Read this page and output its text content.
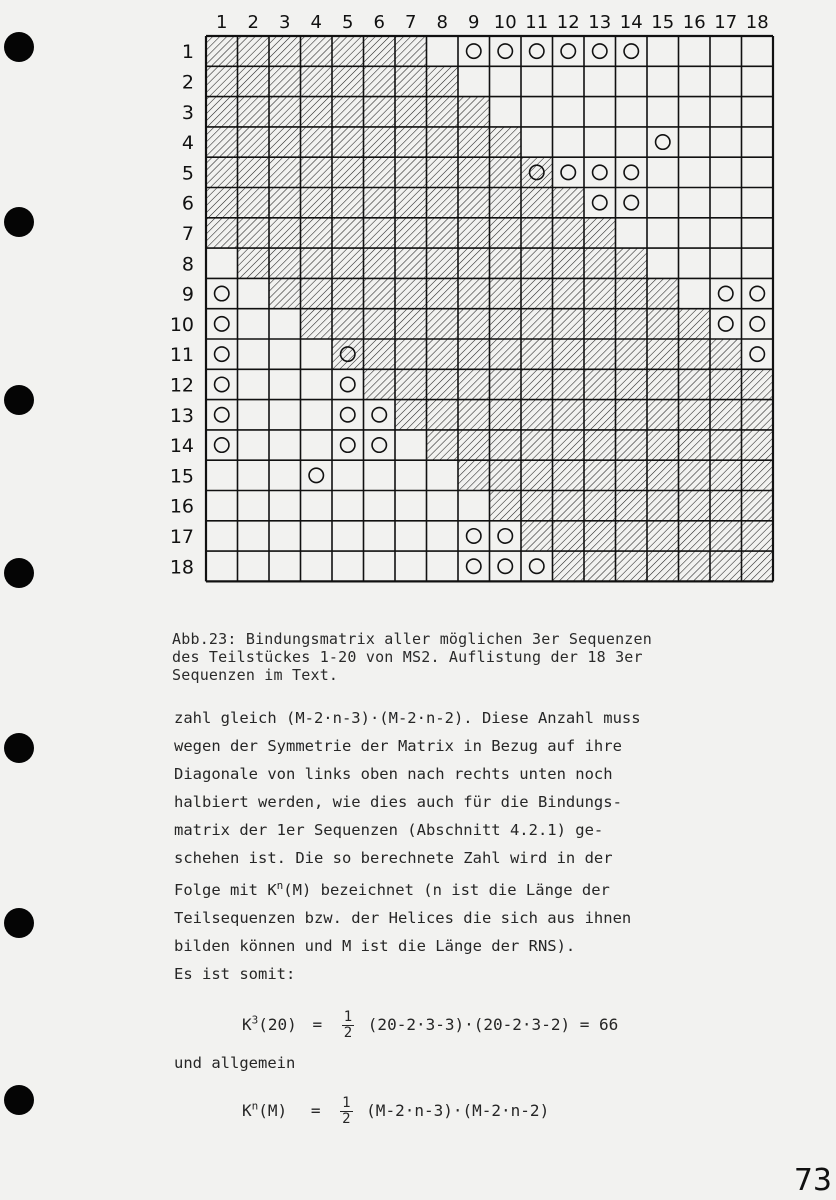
1 2 3 4 5 6 7 8 9 10 11 12 13 14 15 16 17 18
1
2
3
4
5
6
7
8
9
10
11
12
13
14
15
16
17
18
Abb.23: Bindungsmatrix aller möglichen 3er Sequenzen
des Teilstückes 1-20 von MS2. Auflistung der 18 3er
Sequenzen im Text.
zahl gleich (M-2·n-3)·(M-2·n-2). Diese Anzahl muss
wegen der Symmetrie der Matrix in Bezug auf ihre
Diagonale von links oben nach rechts unten noch
halbiert werden, wie dies auch für die Bindungs-
matrix der 1er Sequenzen (Abschnitt 4.2.1) ge-
schehen ist. Die so berechnete Zahl wird in der
Folge mit $K^n(M)$ bezeichnet (n ist die Länge der
Teilsequenzen bzw. der Helices die sich aus ihnen
bilden können und M ist die Länge der RNS).
Es ist somit:
$K^3(20) = \frac{1}{2} (20-2\cdot 3-3)\cdot(20-2\cdot 3-2) = 66$
und allgemein
$K^n(M) = \frac{1}{2} (M-2\cdot n-3)\cdot(M-2\cdot n-2)$
73
